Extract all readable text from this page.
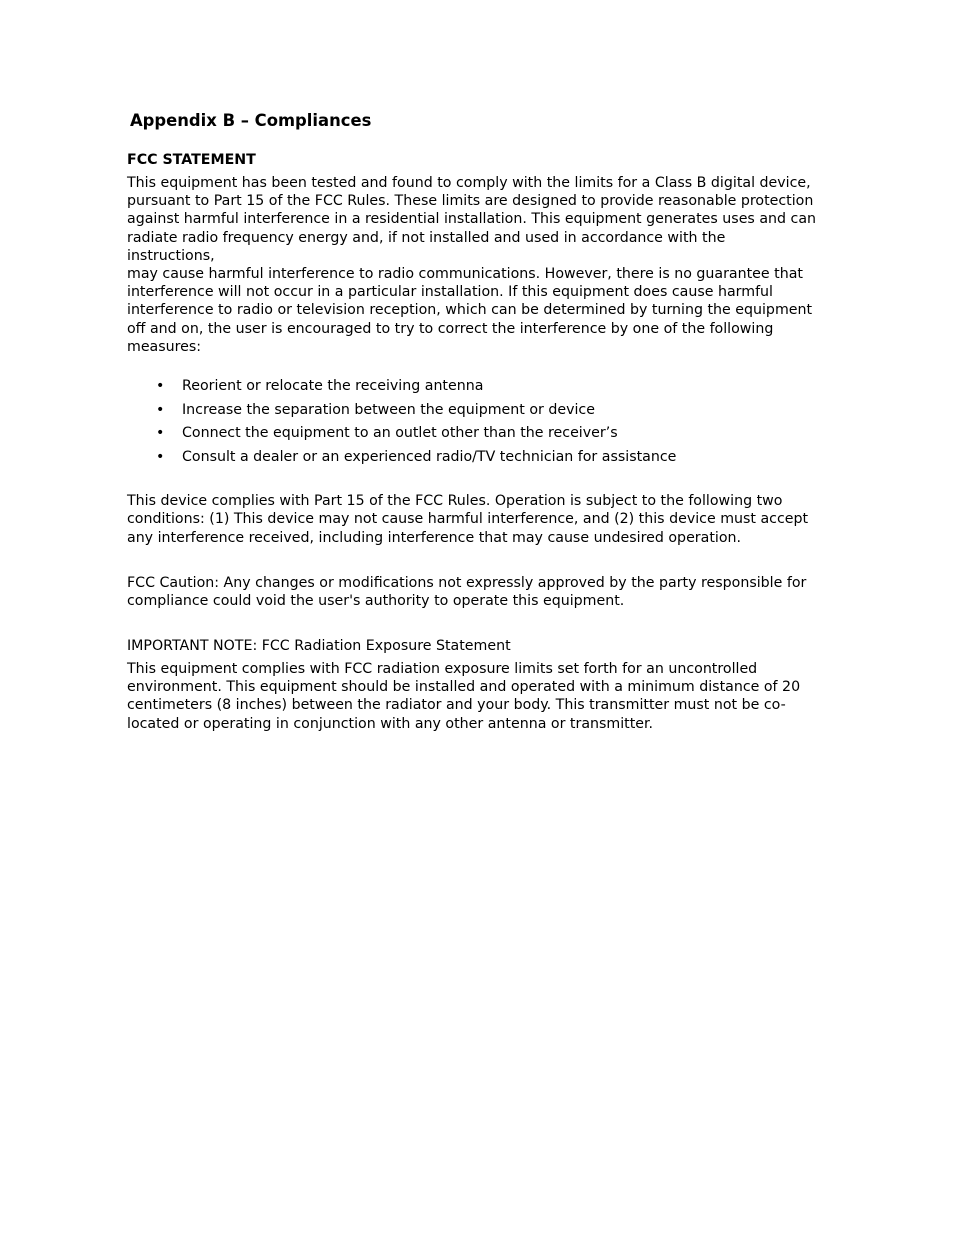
Appendix B – Compliances
FCC STATEMENT
This equipment has been tested and found to comply with the limits for a Class B digital device,
pursuant to Part 15 of the FCC Rules. These limits are designed to provide reasonable protection
against harmful interference in a residential installation. This equipment generates uses and can
radiate radio frequency energy and, if not installed and used in accordance with the instructions,
may cause harmful interference to radio communications. However, there is no guarantee that
interference will not occur in a particular installation. If this equipment does cause harmful
interference to radio or television reception, which can be determined by turning the equipment
off and on, the user is encouraged to try to correct the interference by one of the following
measures:
• Reorient or relocate the receiving antenna
• Increase the separation between the equipment or device
• Connect the equipment to an outlet other than the receiver’s
• Consult a dealer or an experienced radio/TV technician for assistance
This device complies with Part 15 of the FCC Rules. Operation is subject to the following two
conditions: (1) This device may not cause harmful interference, and (2) this device must accept
any interference received, including interference that may cause undesired operation.
FCC Caution: Any changes or modifications not expressly approved by the party responsible for
compliance could void the user's authority to operate this equipment.
IMPORTANT NOTE: FCC Radiation Exposure Statement
This equipment complies with FCC radiation exposure limits set forth for an uncontrolled
environment. This equipment should be installed and operated with a minimum distance of 20
centimeters (8 inches) between the radiator and your body. This transmitter must not be co-
located or operating in conjunction with any other antenna or transmitter.
